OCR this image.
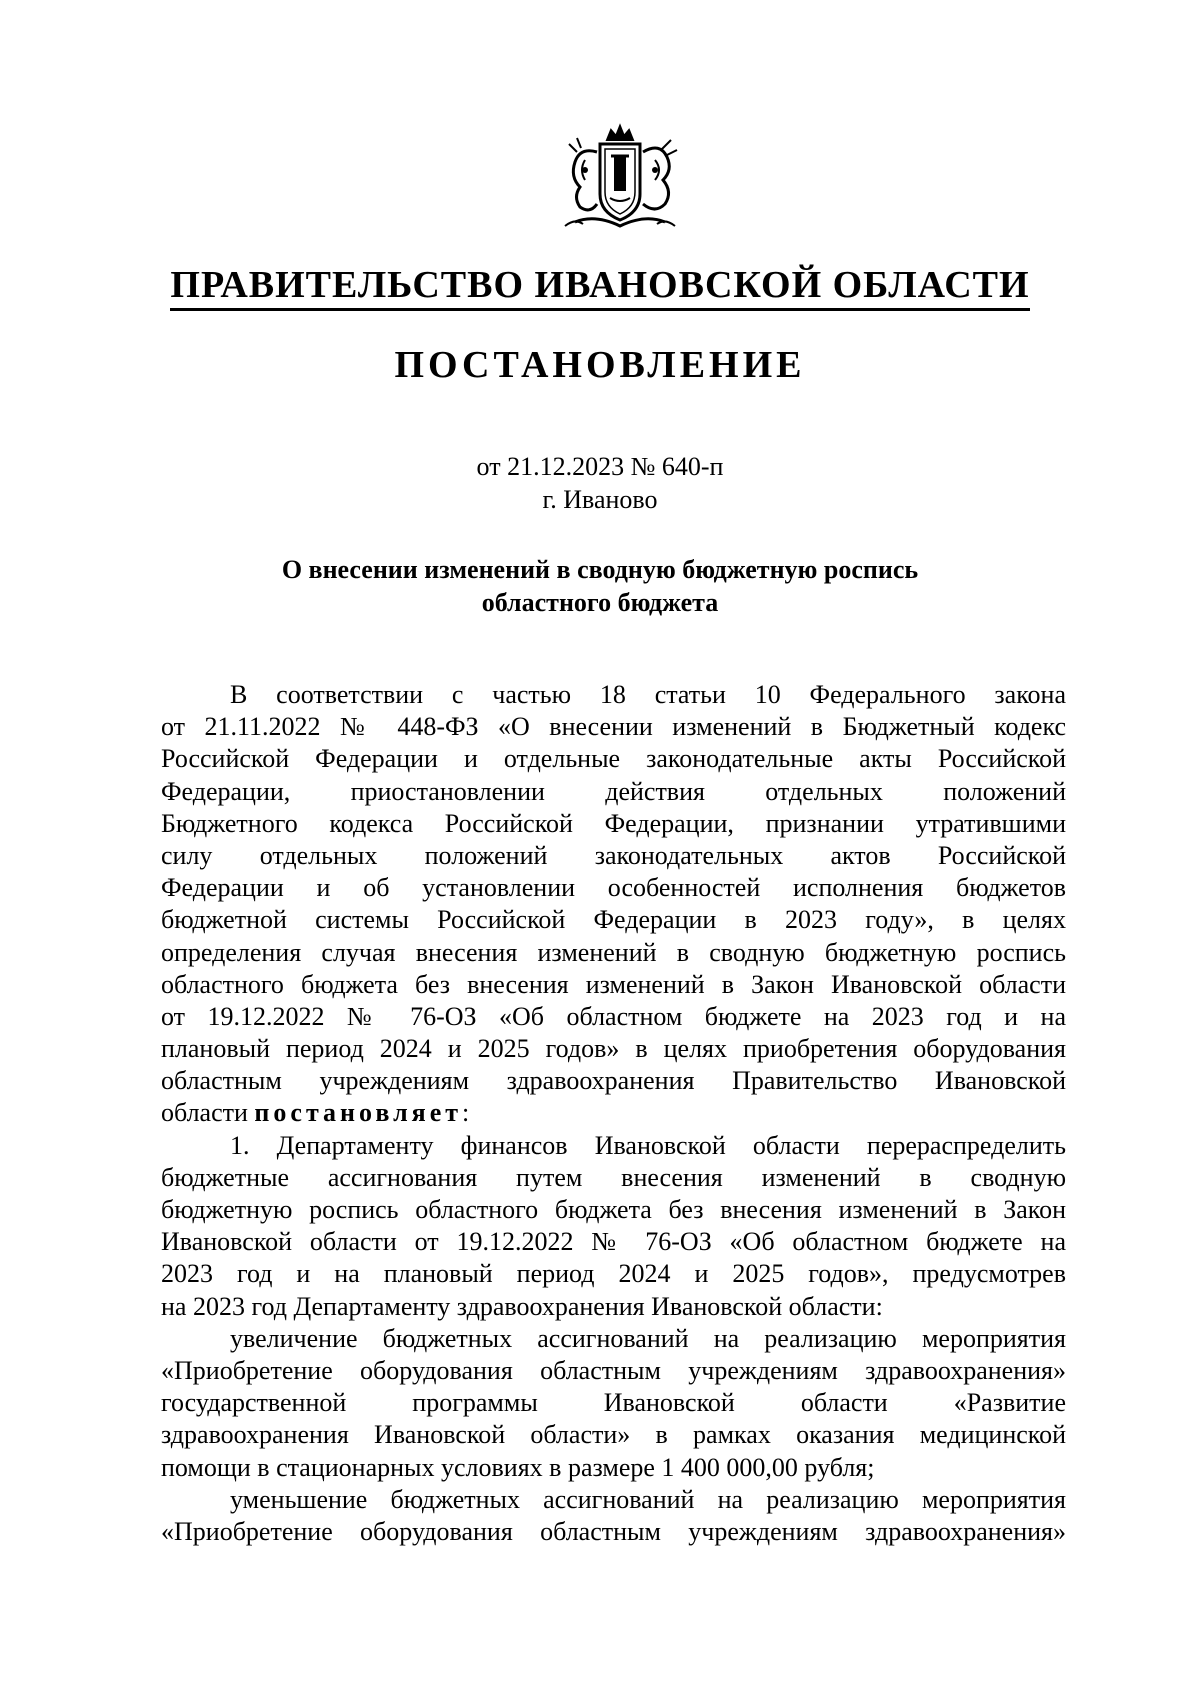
ПРАВИТЕЛЬСТВО ИВАНОВСКОЙ ОБЛАСТИ
ПОСТАНОВЛЕНИЕ
от 21.12.2023 № 640-п
г. Иваново
О внесении изменений в сводную бюджетную роспись
областного бюджета
В соответствии с частью 18 статьи 10 Федерального закона
от 21.11.2022 № 448-ФЗ «О внесении изменений в Бюджетный кодекс
Российской Федерации и отдельные законодательные акты Российской
Федерации, приостановлении действия отдельных положений
Бюджетного кодекса Российской Федерации, признании утратившими
силу отдельных положений законодательных актов Российской
Федерации и об установлении особенностей исполнения бюджетов
бюджетной системы Российской Федерации в 2023 году», в целях
определения случая внесения изменений в сводную бюджетную роспись
областного бюджета без внесения изменений в Закон Ивановской области
от 19.12.2022 № 76-ОЗ «Об областном бюджете на 2023 год и на
плановый период 2024 и 2025 годов» в целях приобретения оборудования
областным учреждениям здравоохранения Правительство Ивановской
области постановляет:
1. Департаменту финансов Ивановской области перераспределить
бюджетные ассигнования путем внесения изменений в сводную
бюджетную роспись областного бюджета без внесения изменений в Закон
Ивановской области от 19.12.2022 № 76-ОЗ «Об областном бюджете на
2023 год и на плановый период 2024 и 2025 годов», предусмотрев
на 2023 год Департаменту здравоохранения Ивановской области:
увеличение бюджетных ассигнований на реализацию мероприятия
«Приобретение оборудования областным учреждениям здравоохранения»
государственной программы Ивановской области «Развитие
здравоохранения Ивановской области» в рамках оказания медицинской
помощи в стационарных условиях в размере 1 400 000,00 рубля;
уменьшение бюджетных ассигнований на реализацию мероприятия
«Приобретение оборудования областным учреждениям здравоохранения»
